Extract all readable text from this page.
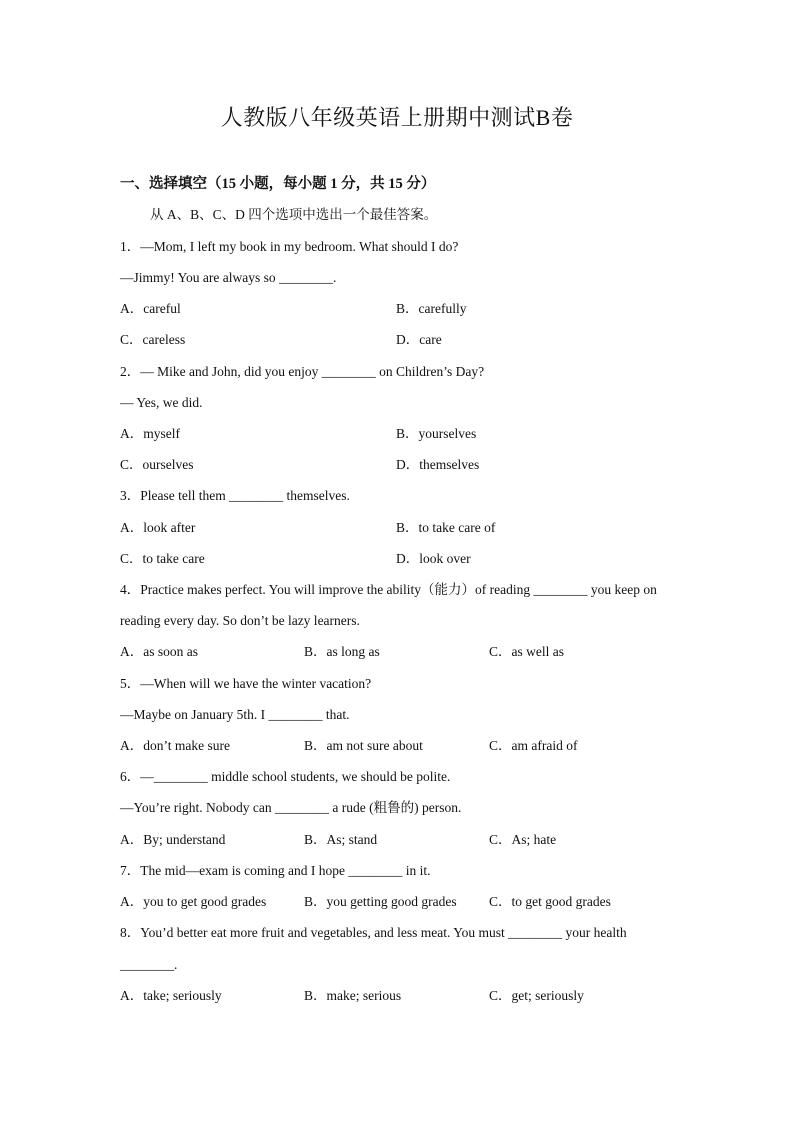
人教版八年级英语上册期中测试B卷
一、选择填空（15 小题，每小题 1 分，共 15 分）
从 A、B、C、D 四个选项中选出一个最佳答案。
1．—Mom, I left my book in my bedroom. What should I do?
—Jimmy! You are always so ________.
A．careful	B．carefully
C．careless	D．care
2．— Mike and John, did you enjoy ________ on Children’s Day?
— Yes, we did.
A．myself	B．yourselves
C．ourselves	D．themselves
3．Please tell them ________ themselves.
A．look after	B．to take care of
C．to take care	D．look over
4．Practice makes perfect. You will improve the ability（能力）of reading ________ you keep on
reading every day. So don’t be lazy learners.
A．as soon as	B．as long as	C．as well as
5．—When will we have the winter vacation?
—Maybe on January 5th. I ________ that.
A．don’t make sure	B．am not sure about	C．am afraid of
6．—________ middle school students, we should be polite.
—You’re right. Nobody can ________ a rude (粗鲁的) person.
A．By; understand	B．As; stand	C．As; hate
7．The mid—exam is coming and I hope ________ in it.
A．you to get good grades	B．you getting good grades C．to get good grades
8．You’d better eat more fruit and vegetables, and less meat. You must ________ your health
________.
A．take; seriously	B．make; serious	C．get; seriously
